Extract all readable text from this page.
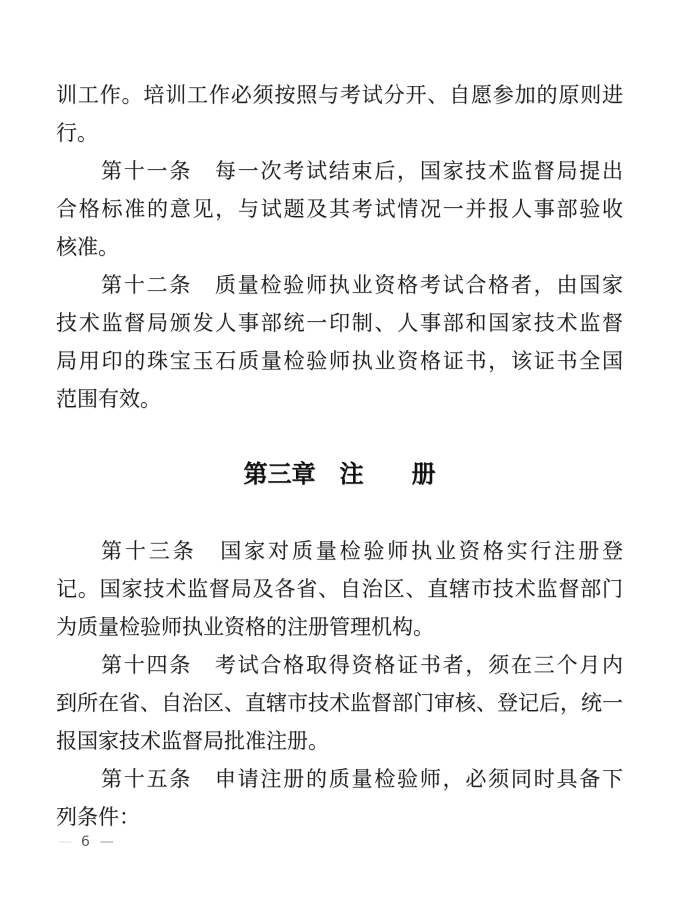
训工作。培训工作必须按照与考试分开、自愿参加的原则进
行。
第十一条　每一次考试结束后，国家技术监督局提出
合格标准的意见，与试题及其考试情况一并报人事部验收
核准。
第十二条　质量检验师执业资格考试合格者，由国家
技术监督局颁发人事部统一印制、人事部和国家技术监督
局用印的珠宝玉石质量检验师执业资格证书，该证书全国
范围有效。
第三章　注　　册
第十三条　国家对质量检验师执业资格实行注册登
记。国家技术监督局及各省、自治区、直辖市技术监督部门
为质量检验师执业资格的注册管理机构。
第十四条　考试合格取得资格证书者，须在三个月内
到所在省、自治区、直辖市技术监督部门审核、登记后，统一
报国家技术监督局批准注册。
第十五条　申请注册的质量检验师，必须同时具备下
列条件：
— 6 —
